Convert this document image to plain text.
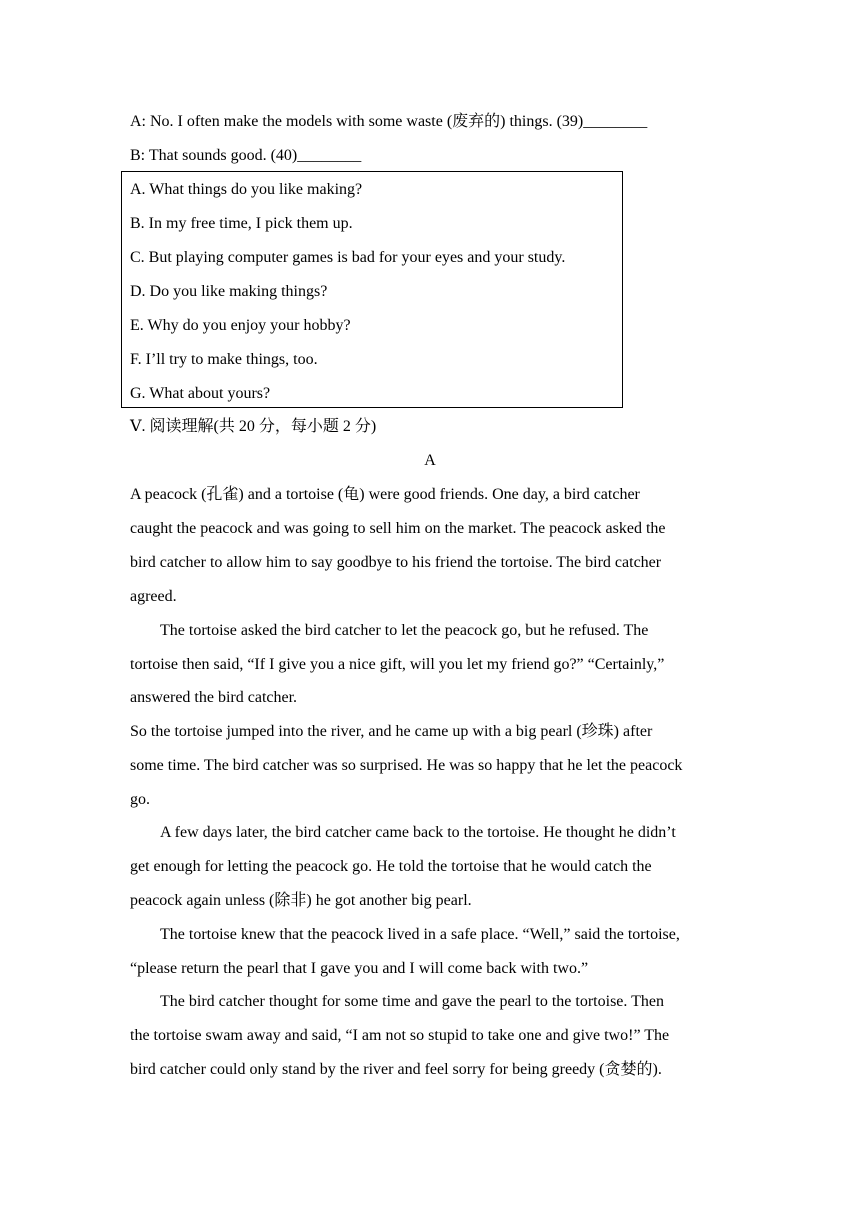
A: No. I often make the models with some waste (废弃的) things. (39)________
B: That sounds good. (40)________
A. What things do you like making?
B. In my free time, I pick them up.
C. But playing computer games is bad for your eyes and your study.
D. Do you like making things?
E. Why do you enjoy your hobby?
F. I’ll try to make things, too.
G. What about yours?
Ⅴ. 阅读理解(共 20 分，每小题 2 分)
A
A peacock (孔雀) and a tortoise (龟) were good friends. One day, a bird catcher
caught the peacock and was going to sell him on the market. The peacock asked the
bird catcher to allow him to say goodbye to his friend the tortoise. The bird catcher
agreed.
The tortoise asked the bird catcher to let the peacock go, but he refused. The
tortoise then said, “If I give you a nice gift, will you let my friend go?” “Certainly,”
answered the bird catcher.
So the tortoise jumped into the river, and he came up with a big pearl (珍珠) after
some time. The bird catcher was so surprised. He was so happy that he let the peacock
go.
A few days later, the bird catcher came back to the tortoise. He thought he didn’t
get enough for letting the peacock go. He told the tortoise that he would catch the
peacock again unless (除非) he got another big pearl.
The tortoise knew that the peacock lived in a safe place. “Well,” said the tortoise,
“please return the pearl that I gave you and I will come back with two.”
The bird catcher thought for some time and gave the pearl to the tortoise. Then
the tortoise swam away and said, “I am not so stupid to take one and give two!” The
bird catcher could only stand by the river and feel sorry for being greedy (贪婪的).
